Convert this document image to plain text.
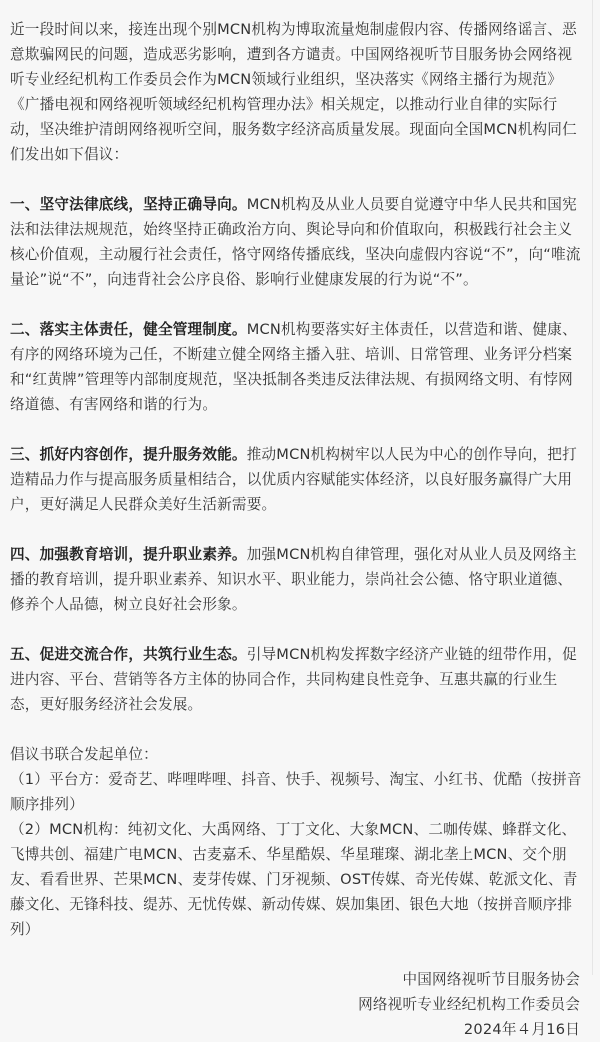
近一段时间以来，接连出现个别MCN机构为博取流量炮制虚假内容、传播网络谣言、恶意欺骗网民的问题，造成恶劣影响，遭到各方谴责。中国网络视听节目服务协会网络视听专业经纪机构工作委员会作为MCN领域行业组织，坚决落实《网络主播行为规范》《广播电视和网络视听领域经纪机构管理办法》相关规定，以推动行业自律的实际行动，坚决维护清朗网络视听空间，服务数字经济高质量发展。现面向全国MCN机构同仁们发出如下倡议：

一、坚守法律底线，坚持正确导向。MCN机构及从业人员要自觉遵守中华人民共和国宪法和法律法规规范，始终坚持正确政治方向、舆论导向和价值取向，积极践行社会主义核心价值观，主动履行社会责任，恪守网络传播底线，坚决向虚假内容说“不”，向“唯流量论”说“不”，向违背社会公序良俗、影响行业健康发展的行为说“不”。

二、落实主体责任，健全管理制度。MCN机构要落实好主体责任，以营造和谐、健康、有序的网络环境为己任，不断建立健全网络主播入驻、培训、日常管理、业务评分档案和“红黄牌”管理等内部制度规范，坚决抵制各类违反法律法规、有损网络文明、有悖网络道德、有害网络和谐的行为。

三、抓好内容创作，提升服务效能。推动MCN机构树牢以人民为中心的创作导向，把打造精品力作与提高服务质量相结合，以优质内容赋能实体经济，以良好服务赢得广大用户，更好满足人民群众美好生活新需要。

四、加强教育培训，提升职业素养。加强MCN机构自律管理，强化对从业人员及网络主播的教育培训，提升职业素养、知识水平、职业能力，崇尚社会公德、恪守职业道德、修养个人品德，树立良好社会形象。

五、促进交流合作，共筑行业生态。引导MCN机构发挥数字经济产业链的纽带作用，促进内容、平台、营销等各方主体的协同合作，共同构建良性竞争、互惠共赢的行业生态，更好服务经济社会发展。

倡议书联合发起单位：

（1）平台方：爱奇艺、哔哩哔哩、抖音、快手、视频号、淘宝、小红书、优酷（按拼音顺序排列）

（2）MCN机构：纯初文化、大禹网络、丁丁文化、大象MCN、二咖传媒、蜂群文化、飞博共创、福建广电MCN、古麦嘉禾、华星酷娱、华星璀璨、湖北垄上MCN、交个朋友、看看世界、芒果MCN、麦芽传媒、门牙视频、OST传媒、奇光传媒、乾派文化、青藤文化、无锋科技、缇苏、无忧传媒、新动传媒、娱加集团、银色大地（按拼音顺序排列）

中国网络视听节目服务协会

网络视听专业经纪机构工作委员会

2024年４月16日
